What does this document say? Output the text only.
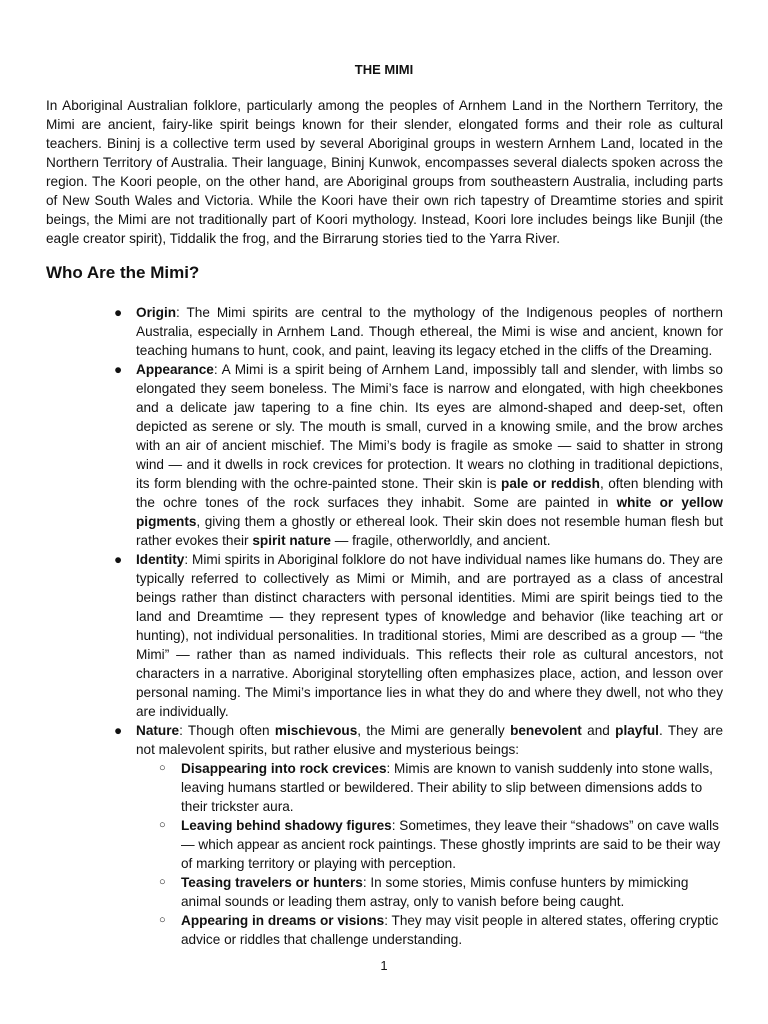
THE MIMI

In Aboriginal Australian folklore, particularly among the peoples of Arnhem Land in the Northern Territory, the Mimi are ancient, fairy-like spirit beings known for their slender, elongated forms and their role as cultural teachers. Bininj is a collective term used by several Aboriginal groups in western Arnhem Land, located in the Northern Territory of Australia. Their language, Bininj Kunwok, encompasses several dialects spoken across the region. The Koori people, on the other hand, are Aboriginal groups from southeastern Australia, including parts of New South Wales and Victoria. While the Koori have their own rich tapestry of Dreamtime stories and spirit beings, the Mimi are not traditionally part of Koori mythology. Instead, Koori lore includes beings like Bunjil (the eagle creator spirit), Tiddalik the frog, and the Birrarung stories tied to the Yarra River.

Who Are the Mimi?
● Origin: The Mimi spirits are central to the mythology of the Indigenous peoples of northern Australia, especially in Arnhem Land. Though ethereal, the Mimi is wise and ancient, known for teaching humans to hunt, cook, and paint, leaving its legacy etched in the cliffs of the Dreaming.
● Appearance: A Mimi is a spirit being of Arnhem Land, impossibly tall and slender, with limbs so elongated they seem boneless. The Mimi’s face is narrow and elongated, with high cheekbones and a delicate jaw tapering to a fine chin. Its eyes are almond-shaped and deep-set, often depicted as serene or sly. The mouth is small, curved in a knowing smile, and the brow arches with an air of ancient mischief. The Mimi’s body is fragile as smoke — said to shatter in strong wind — and it dwells in rock crevices for protection. It wears no clothing in traditional depictions, its form blending with the ochre-painted stone. Their skin is pale or reddish, often blending with the ochre tones of the rock surfaces they inhabit. Some are painted in white or yellow pigments, giving them a ghostly or ethereal look. Their skin does not resemble human flesh but rather evokes their spirit nature — fragile, otherworldly, and ancient.
● Identity: Mimi spirits in Aboriginal folklore do not have individual names like humans do. They are typically referred to collectively as Mimi or Mimih, and are portrayed as a class of ancestral beings rather than distinct characters with personal identities. Mimi are spirit beings tied to the land and Dreamtime — they represent types of knowledge and behavior (like teaching art or hunting), not individual personalities. In traditional stories, Mimi are described as a group — “the Mimi” — rather than as named individuals. This reflects their role as cultural ancestors, not characters in a narrative. Aboriginal storytelling often emphasizes place, action, and lesson over personal naming. The Mimi’s importance lies in what they do and where they dwell, not who they are individually.
● Nature: Though often mischievous, the Mimi are generally benevolent and playful. They are not malevolent spirits, but rather elusive and mysterious beings:
○ Disappearing into rock crevices: Mimis are known to vanish suddenly into stone walls, leaving humans startled or bewildered. Their ability to slip between dimensions adds to their trickster aura.
○ Leaving behind shadowy figures: Sometimes, they leave their “shadows” on cave walls — which appear as ancient rock paintings. These ghostly imprints are said to be their way of marking territory or playing with perception.
○ Teasing travelers or hunters: In some stories, Mimis confuse hunters by mimicking animal sounds or leading them astray, only to vanish before being caught.
○ Appearing in dreams or visions: They may visit people in altered states, offering cryptic advice or riddles that challenge understanding.
1
